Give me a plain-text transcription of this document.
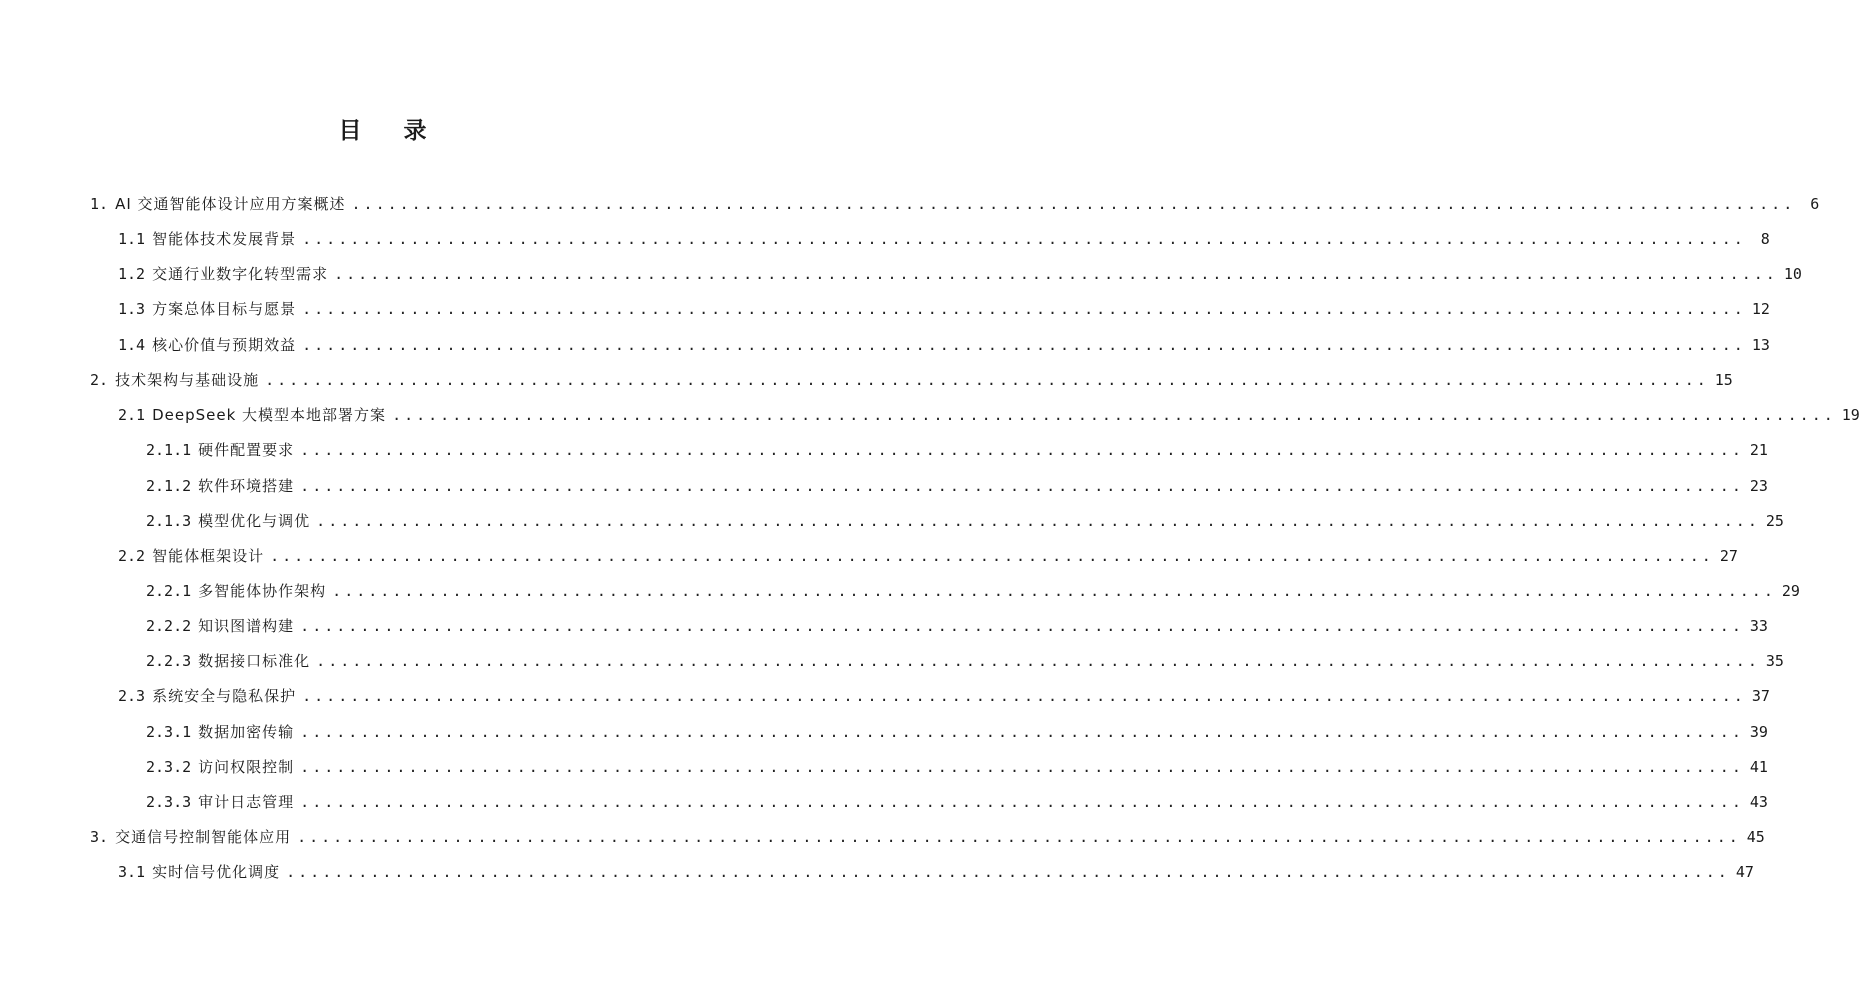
目 录
1. AI 交通智能体设计应用方案概述 ........................................................................................................................ 6
1.1 智能体技术发展背景 ........................................................................................................................ 8
1.2 交通行业数字化转型需求 ........................................................................................................................ 10
1.3 方案总体目标与愿景 ........................................................................................................................ 12
1.4 核心价值与预期效益 ........................................................................................................................ 13
2. 技术架构与基础设施 ........................................................................................................................ 15
2.1 DeepSeek 大模型本地部署方案 ........................................................................................................................ 19
2.1.1 硬件配置要求 ........................................................................................................................ 21
2.1.2 软件环境搭建 ........................................................................................................................ 23
2.1.3 模型优化与调优 ........................................................................................................................ 25
2.2 智能体框架设计 ........................................................................................................................ 27
2.2.1 多智能体协作架构 ........................................................................................................................ 29
2.2.2 知识图谱构建 ........................................................................................................................ 33
2.2.3 数据接口标准化 ........................................................................................................................ 35
2.3 系统安全与隐私保护 ........................................................................................................................ 37
2.3.1 数据加密传输 ........................................................................................................................ 39
2.3.2 访问权限控制 ........................................................................................................................ 41
2.3.3 审计日志管理 ........................................................................................................................ 43
3. 交通信号控制智能体应用 ........................................................................................................................ 45
3.1 实时信号优化调度 ........................................................................................................................ 47
